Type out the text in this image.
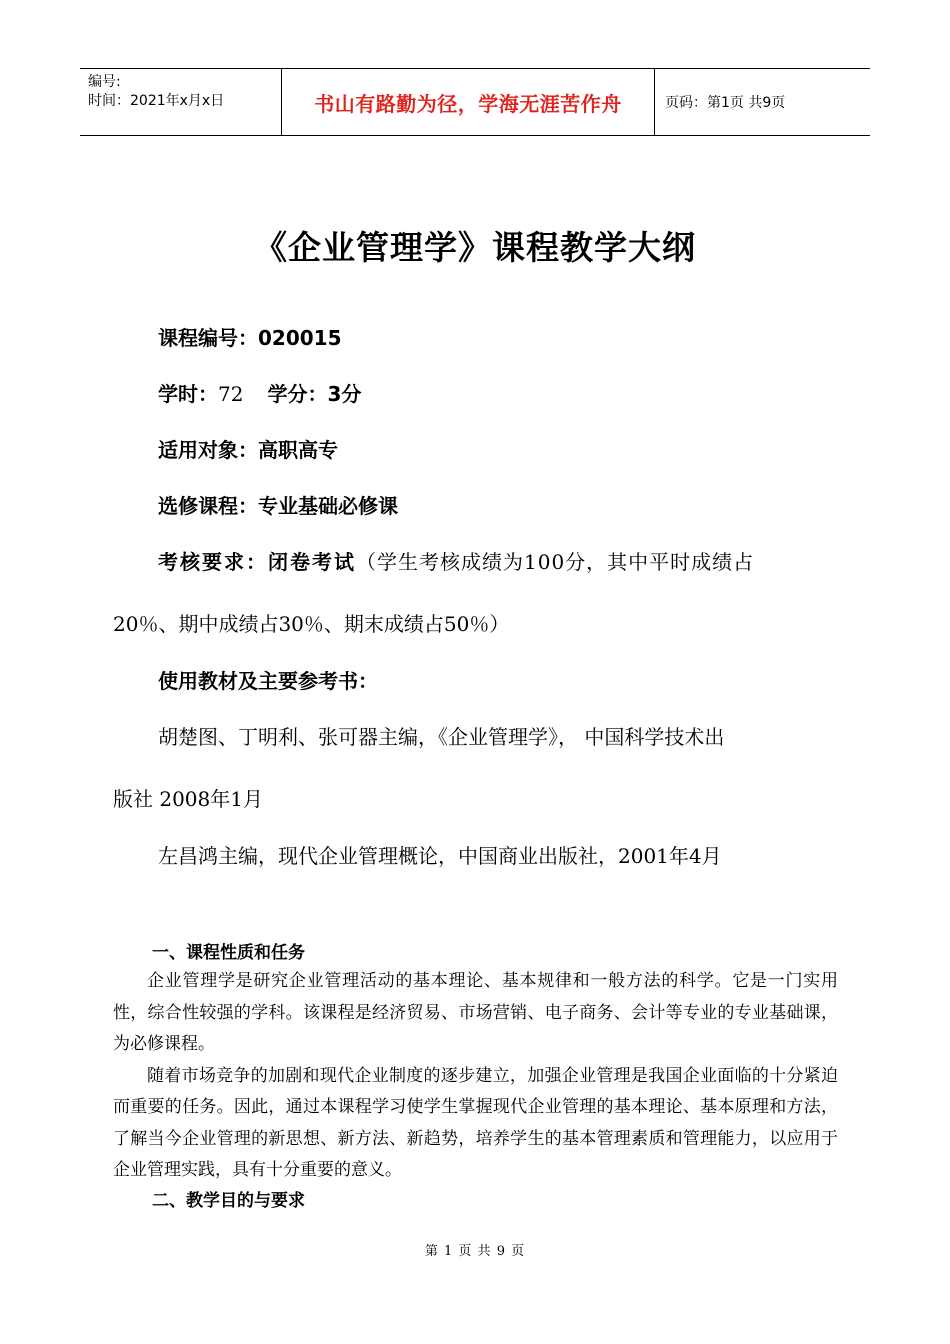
编号:
时间：2021年x月x日	书山有路勤为径，学海无涯苦作舟	页码：第1页 共9页
《企业管理学》课程教学大纲
课程编号：020015
学时：72 学分：3分
适用对象：高职高专
选修课程：专业基础必修课
考核要求：闭卷考试（学生考核成绩为100分，其中平时成绩占
20％、期中成绩占30％、期末成绩占50％）
使用教材及主要参考书：
胡楚图、丁明利、张可器主编，《企业管理学》， 中国科学技术出
版社 2008年1月
左昌鸿主编，现代企业管理概论，中国商业出版社，2001年4月
一、课程性质和任务

企业管理学是研究企业管理活动的基本理论、基本规律和一般方法的科学。它是一门实用性，综合性较强的学科。该课程是经济贸易、市场营销、电子商务、会计等专业的专业基础课，为必修课程。

随着市场竞争的加剧和现代企业制度的逐步建立，加强企业管理是我国企业面临的十分紧迫而重要的任务。因此，通过本课程学习使学生掌握现代企业管理的基本理论、基本原理和方法，了解当今企业管理的新思想、新方法、新趋势，培养学生的基本管理素质和管理能力，以应用于企业管理实践，具有十分重要的意义。

二、教学目的与要求
第 1 页 共 9 页
